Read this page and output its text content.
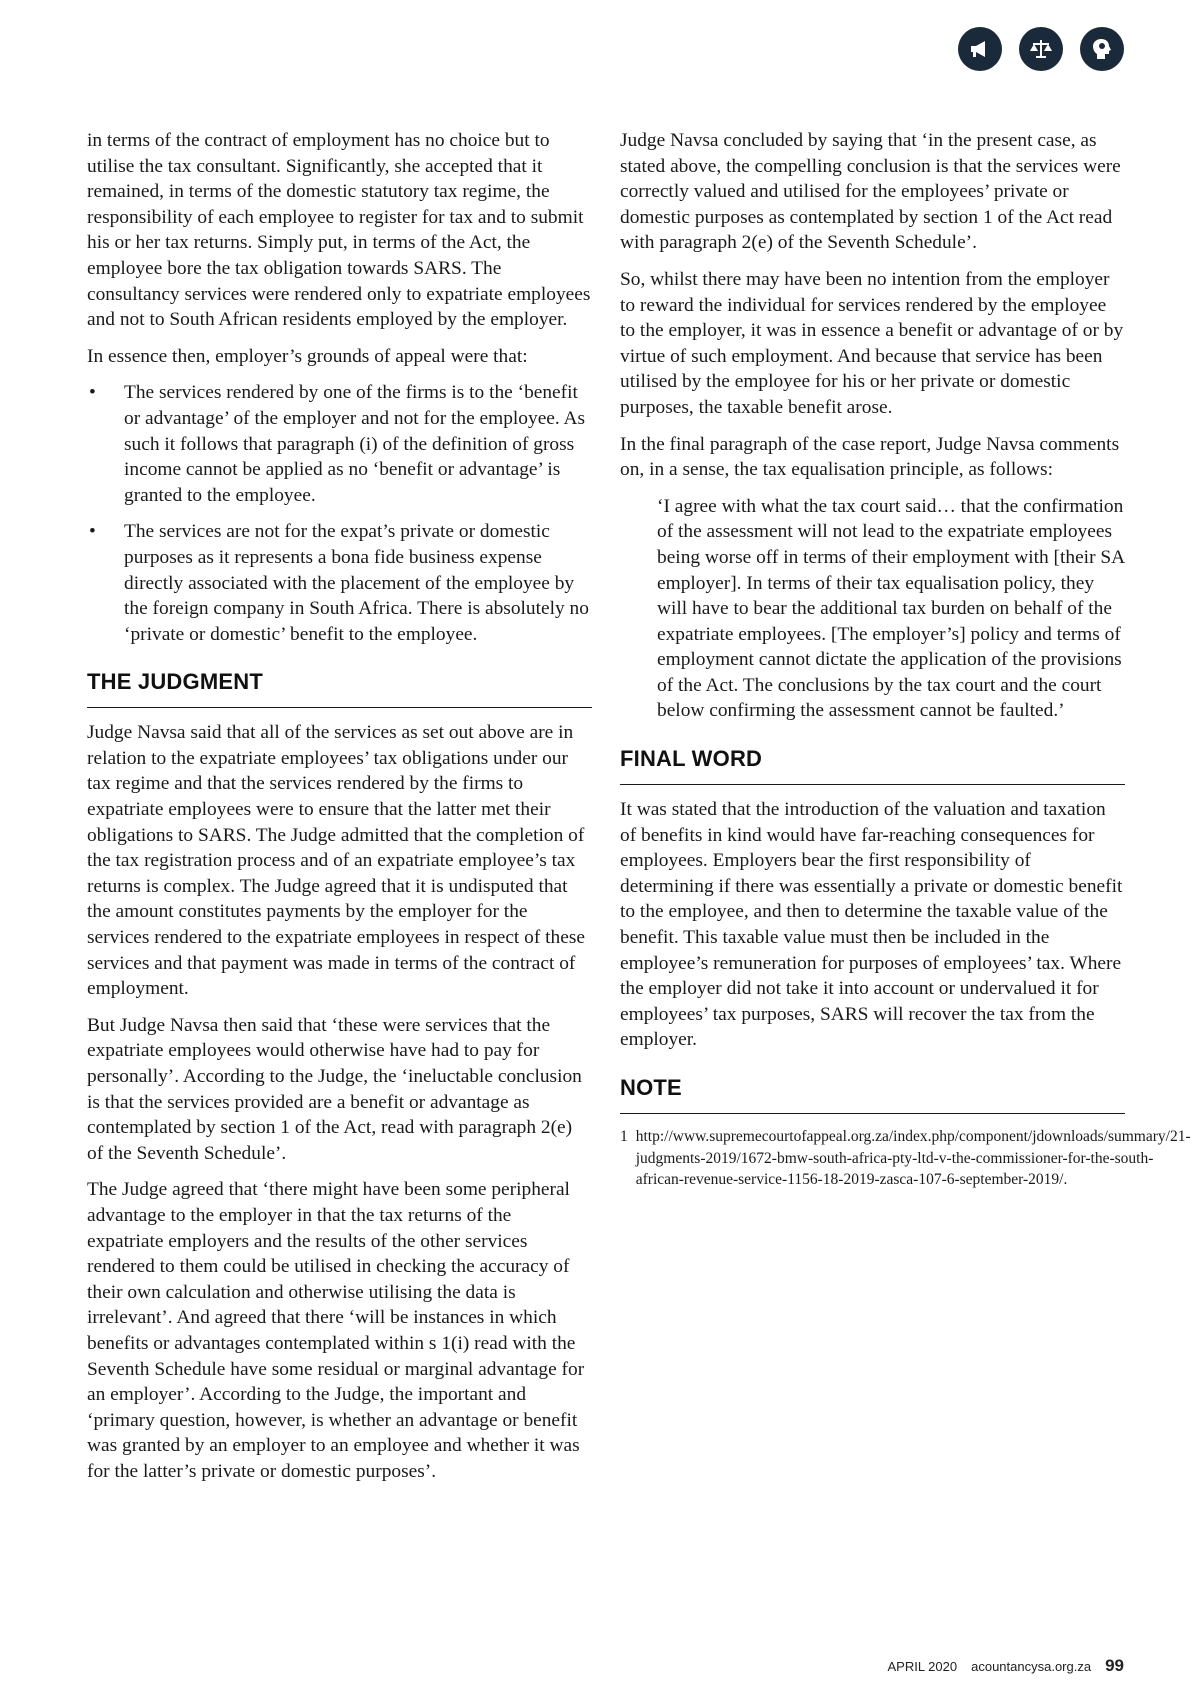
in terms of the contract of employment has no choice but to utilise the tax consultant. Significantly, she accepted that it remained, in terms of the domestic statutory tax regime, the responsibility of each employee to register for tax and to submit his or her tax returns. Simply put, in terms of the Act, the employee bore the tax obligation towards SARS. The consultancy services were rendered only to expatriate employees and not to South African residents employed by the employer.

In essence then, employer’s grounds of appeal were that:

• The services rendered by one of the firms is to the ‘benefit or advantage’ of the employer and not for the employee. As such it follows that paragraph (i) of the definition of gross income cannot be applied as no ‘benefit or advantage’ is granted to the employee.
• The services are not for the expat’s private or domestic purposes as it represents a bona fide business expense directly associated with the placement of the employee by the foreign company in South Africa. There is absolutely no ‘private or domestic’ benefit to the employee.
THE JUDGMENT

Judge Navsa said that all of the services as set out above are in relation to the expatriate employees’ tax obligations under our tax regime and that the services rendered by the firms to expatriate employees were to ensure that the latter met their obligations to SARS. The Judge admitted that the completion of the tax registration process and of an expatriate employee’s tax returns is complex. The Judge agreed that it is undisputed that the amount constitutes payments by the employer for the services rendered to the expatriate employees in respect of these services and that payment was made in terms of the contract of employment.

But Judge Navsa then said that ‘these were services that the expatriate employees would otherwise have had to pay for personally’. According to the Judge, the ‘ineluctable conclusion is that the services provided are a benefit or advantage as contemplated by section 1 of the Act, read with paragraph 2(e) of the Seventh Schedule’.

The Judge agreed that ‘there might have been some peripheral advantage to the employer in that the tax returns of the expatriate employers and the results of the other services rendered to them could be utilised in checking the accuracy of their own calculation and otherwise utilising the data is irrelevant’. And agreed that there ‘will be instances in which benefits or advantages contemplated within s 1(i) read with the Seventh Schedule have some residual or marginal advantage for an employer’. According to the Judge, the important and ‘primary question, however, is whether an advantage or benefit was granted by an employer to an employee and whether it was for the latter’s private or domestic purposes’.

Judge Navsa concluded by saying that ‘in the present case, as stated above, the compelling conclusion is that the services were correctly valued and utilised for the employees’ private or domestic purposes as contemplated by section 1 of the Act read with paragraph 2(e) of the Seventh Schedule’.

So, whilst there may have been no intention from the employer to reward the individual for services rendered by the employee to the employer, it was in essence a benefit or advantage of or by virtue of such employment. And because that service has been utilised by the employee for his or her private or domestic purposes, the taxable benefit arose.

In the final paragraph of the case report, Judge Navsa comments on, in a sense, the tax equalisation principle, as follows:

‘I agree with what the tax court said… that the confirmation of the assessment will not lead to the expatriate employees being worse off in terms of their employment with [their SA employer]. In terms of their tax equalisation policy, they will have to bear the additional tax burden on behalf of the expatriate employees. [The employer’s] policy and terms of employment cannot dictate the application of the provisions of the Act. The conclusions by the tax court and the court below confirming the assessment cannot be faulted.’

FINAL WORD

It was stated that the introduction of the valuation and taxation of benefits in kind would have far-reaching consequences for employees. Employers bear the first responsibility of determining if there was essentially a private or domestic benefit to the employee, and then to determine the taxable value of the benefit. This taxable value must then be included in the employee’s remuneration for purposes of employees’ tax. Where the employer did not take it into account or undervalued it for employees’ tax purposes, SARS will recover the tax from the employer.

NOTE
1 http://www.supremecourtofappeal.org.za/index.php/component/jdownloads/summary/21-judgments-2019/1672-bmw-south-africa-pty-ltd-v-the-commissioner-for-the-south-african-revenue-service-1156-18-2019-zasca-107-6-september-2019/.
APRIL 2020 acountancysa.org.za 99
